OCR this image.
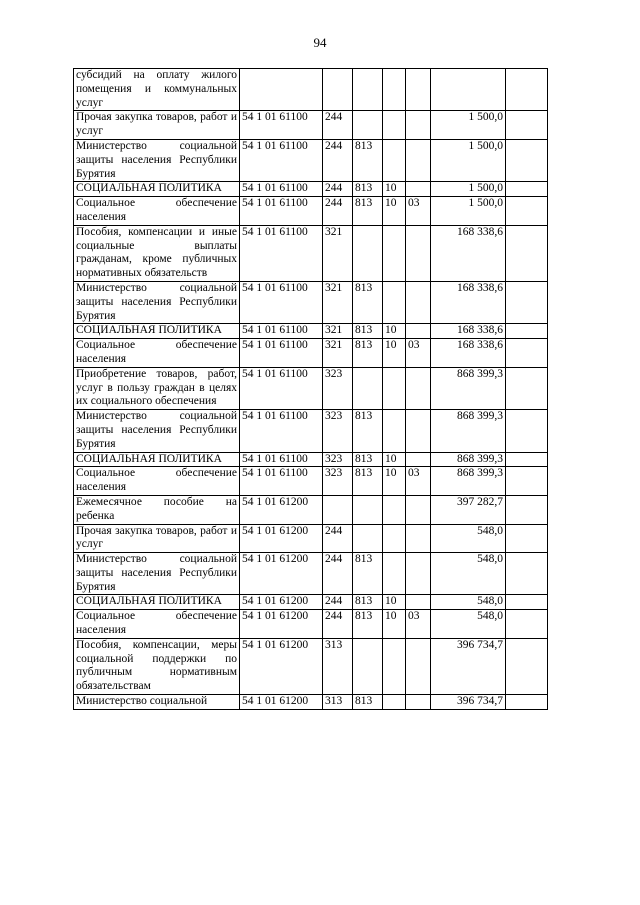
94
субсидий на оплату жилого помещения и коммунальных услуг							
Прочая закупка товаров, работ и услуг	54 1 01 61100	244				1 500,0	
Министерство социальной защиты населения Республики Бурятия	54 1 01 61100	244	813			1 500,0	
СОЦИАЛЬНАЯ ПОЛИТИКА	54 1 01 61100	244	813	10		1 500,0	
Социальное обеспечение населения	54 1 01 61100	244	813	10	03	1 500,0	
Пособия, компенсации и иные социальные выплаты гражданам, кроме публичных нормативных обязательств	54 1 01 61100	321				168 338,6	
Министерство социальной защиты населения Республики Бурятия	54 1 01 61100	321	813			168 338,6	
СОЦИАЛЬНАЯ ПОЛИТИКА	54 1 01 61100	321	813	10		168 338,6	
Социальное обеспечение населения	54 1 01 61100	321	813	10	03	168 338,6	
Приобретение товаров, работ, услуг в пользу граждан в целях их социального обеспечения	54 1 01 61100	323				868 399,3	
Министерство социальной защиты населения Республики Бурятия	54 1 01 61100	323	813			868 399,3	
СОЦИАЛЬНАЯ ПОЛИТИКА	54 1 01 61100	323	813	10		868 399,3	
Социальное обеспечение населения	54 1 01 61100	323	813	10	03	868 399,3	
Ежемесячное пособие на ребенка	54 1 01 61200					397 282,7	
Прочая закупка товаров, работ и услуг	54 1 01 61200	244				548,0	
Министерство социальной защиты населения Республики Бурятия	54 1 01 61200	244	813			548,0	
СОЦИАЛЬНАЯ ПОЛИТИКА	54 1 01 61200	244	813	10		548,0	
Социальное обеспечение населения	54 1 01 61200	244	813	10	03	548,0	
Пособия, компенсации, меры социальной поддержки по публичным нормативным обязательствам	54 1 01 61200	313				396 734,7	
Министерство социальной	54 1 01 61200	313	813			396 734,7	
